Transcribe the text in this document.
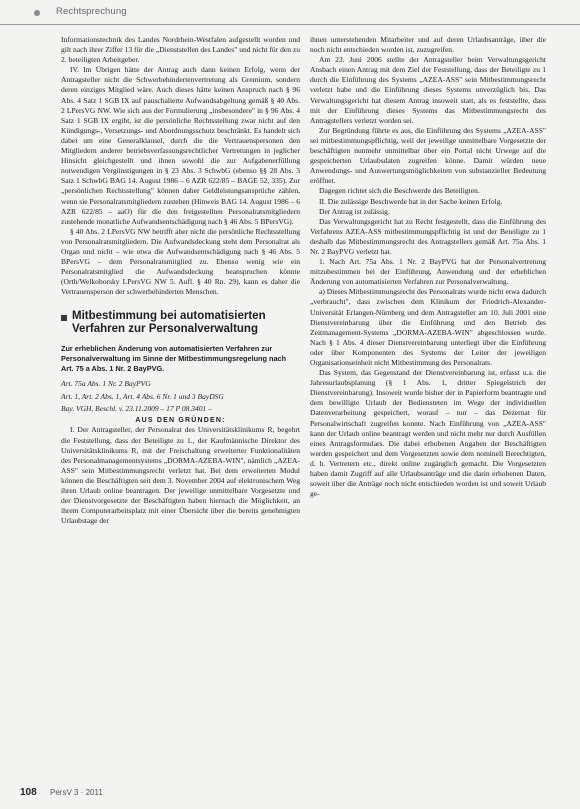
Rechtsprechung

Informationstechnik des Landes Nordrhein-Westfalen aufgestellt worden und gilt nach ihrer Ziffer 13 für die „Dienststellen des Landes" und nicht für den zu 2. beteiligten Arbeitgeber.

IV. Im Übrigen hätte der Antrag auch dann keinen Erfolg, wenn der Antragsteller nicht die Schwerbehindertenvertretung als Gremium, sondern deren einziges Mitglied wäre. Auch dieses hätte keinen Anspruch nach § 96 Abs. 4 Satz 1 SGB IX auf pauschalierte Aufwandsabgeltung gemäß § 40 Abs. 2 LPersVG NW. Wie sich aus der Formulierung „insbesondere" in § 96 Abs. 4 Satz 1 SGB IX ergibt, ist die persönliche Rechtsstellung zwar nicht auf den Kündigungs-, Versetzungs- und Abordnungsschutz beschränkt. Es handelt sich dabei um eine Generalklausel, durch die die Vertrauenspersonen den Mitgliedern anderer betriebsverfassungsrechtlicher Vertretungen in jeglicher Hinsicht gleichgestellt und ihnen sowohl die zur Aufgabenerfüllung notwendigen Vergünstigungen in § 23 Abs. 3 SchwbG (ebenso §§ 28 Abs. 3 Satz 1 SchwbG BAG 14. August 1986 – 6 AZR 622/85 – BAGE 52, 335). Zur „persönlichen Rechtsstellung" können daher Geldleistungsansprüche zählen, wenn sie Personalratsmitgliedern zustehen (Hinweis BAG 14. August 1986 – 6 AZR 622/85 – aaO) für die den freigestellten Personalratsmitgliedern zustehende monatliche Aufwandsentschädigung nach § 46 Abs. 5 BPersVG).

§ 40 Abs. 2 LPersVG NW betrifft aber nicht die persönliche Rechtsstellung von Personalratsmitgliedern. Die Aufwandsdeckung steht dem Personalrat als Organ und nicht – wie etwa die Aufwandsentschädigung nach § 46 Abs. 5 BPersVG – dem Personalratsmitglied zu. Ebenso wenig wie ein Personalratsmitglied die Aufwandsdeckung beanspruchen könnte (Orth/Welkoborsky LPersVG NW 5. Aufl. § 40 Rn. 29), kann es daher die Vertrauensperson der schwerbehinderten Menschen.

Mitbestimmung bei automatisierten Verfahren zur Personalverwaltung

Zur erheblichen Änderung von automatisierten Verfahren zur Personalverwaltung im Sinne der Mitbestimmungsregelung nach Art. 75 a Abs. 1 Nr. 2 BayPVG.

Art. 75a Abs. 1 Nr. 2 BayPVG

Art. 1, Art. 2 Abs. 1, Art. 4 Abs. 6 Nr. 1 und 3 BayDSG

Bay. VGH, Beschl. v. 23.11.2009 – 17 P 08.3401 –

AUS DEN GRÜNDEN:

I. Der Antragsteller, der Personalrat des Universitätsklinikums R, begehrt die Feststellung, dass der Beteiligte zu 1., der Kaufmännische Direktor des Universitätsklinikums R, mit der Freischaltung erweiterter Funktionalitäten des Personalmanagementsystems „DORMA-AZEBA-WIN", nämlich „AZEA-ASS" sein Mitbestimmungsrecht verletzt hat. Bei dem erweiterten Modul können die Beschäftigten seit dem 3. November 2004 auf elektronischem Weg ihren Urlaub online beantragen. Der jeweilige unmittelbare Vorgesetzte und der Dienstvorgesetzte der Beschäftigten haben hiernach die Möglichkeit, an ihrem Computerarbeitsplatz mit einer Übersicht über die bereits genehmigten Urlaubstage der

ihnen unterstehenden Mitarbeiter und auf deren Urlaubsanträge, über die noch nicht entschieden worden ist, zuzugreifen.

Am 23. Juni 2006 stellte der Antragsteller beim Verwaltungsgericht Ansbach einen Antrag mit dem Ziel der Feststellung, dass der Beteiligte zu 1 durch die Einführung des Systems „AZEA-ASS" sein Mitbestimmungsrecht verletzt habe und die Einführung dieses Systems unverzüglich bis, Das Verwaltungsgericht hat diesem Antrag insoweit statt, als es feststellte, dass mit der Einführung dieses Systems das Mitbestimmungsrecht des Antragstellers verletzt worden sei.

Zur Begründung führte es aus, die Einführung des Systems „AZEA-ASS" sei mitbestimmungspflichtig, weil der jeweilige unmittelbare Vorgesetzte der beschäftigten nunmehr unmittelbar über ein Portal nicht Urwege auf die gespeicherten Urlaubsdaten zugreifen könne. Damit würden neue Anwendungs- und Auswertungsmöglichkeiten von substanzieller Bedeutung eröffnet.

Dagegen richtet sich die Beschwerde des Beteiligten.

II. Die zulässige Beschwerde hat in der Sache keinen Erfolg.

Der Antrag ist zulässig.

Das Verwaltungsgericht hat zu Recht festgestellt, dass die Einführung des Verfahrens AZEA-ASS mitbestimmungspflichtig ist und der Beteiligte zu 1 deshalb das Mitbestimmungsrecht des Antragstellers gemäß Art. 75a Abs. 1 Nr. 2 BayPVG verletzt hat.

1. Nach Art. 75a Abs. 1 Nr. 2 BayPVG hat der Personalvertretung mitzubestimmen bei der Einführung, Anwendung und der erheblichen Änderung von automatisierten Verfahren zur Personalverwaltung.

a) Dieses Mitbestimmungsrecht des Personalrats wurde nicht etwa dadurch „verbraucht", dass zwischen dem Klinikum der Friedrich-Alexander-Universität Erlangen-Nürnberg und dem Antragsteller am 10. Juli 2001 eine Dienstvereinbarung über die Einführung und den Betrieb des Zeitmanagement-Systems „DORMA-AZEBA-WIN" abgeschlossen wurde. Nach § 1 Abs. 4 dieser Dienstvereinbarung unterliegt über die Einführung oder über Komponenten des Systems der Leiter der jeweiligen Organisationseinheit nicht Mitbestimmung des Personalrats.

Das System, das Gegenstand der Dienstvereinbarung ist, erfasst u.a. die Jahresurlaubsplanung (§ 1 Abs. 1, dritter Spiegelstrich der Dienstvereinbarung). Insoweit wurde bisher der in Papierform beantragte und dem bewilligte Urlaub der Bediensteten im Wege der individuellen Datenverarbeitung gespeichert, worauf – nur – das Dezernat für Personalwirtschaft zugreifen konnte. Nach Einführung von „AZEA-ASS" kann der Urlaub online beantragt werden und nicht mehr nur durch Ausfüllen eines Antragsformulars. Die dabei erhobenen Angaben der Beschäftigten werden gespeichert und dem Vorgesetzten sowie dem nominell Berechtigten, d. h. Vertretern etc., direkt online zugänglich gemacht. Die Vorgesetzten haben damit Zugriff auf alle Urlaubsanträge und die darin erhobenen Daten, soweit über die Anträge noch nicht entschieden worden ist und soweit Urlaub ge-

108 PersV 3 · 2011
